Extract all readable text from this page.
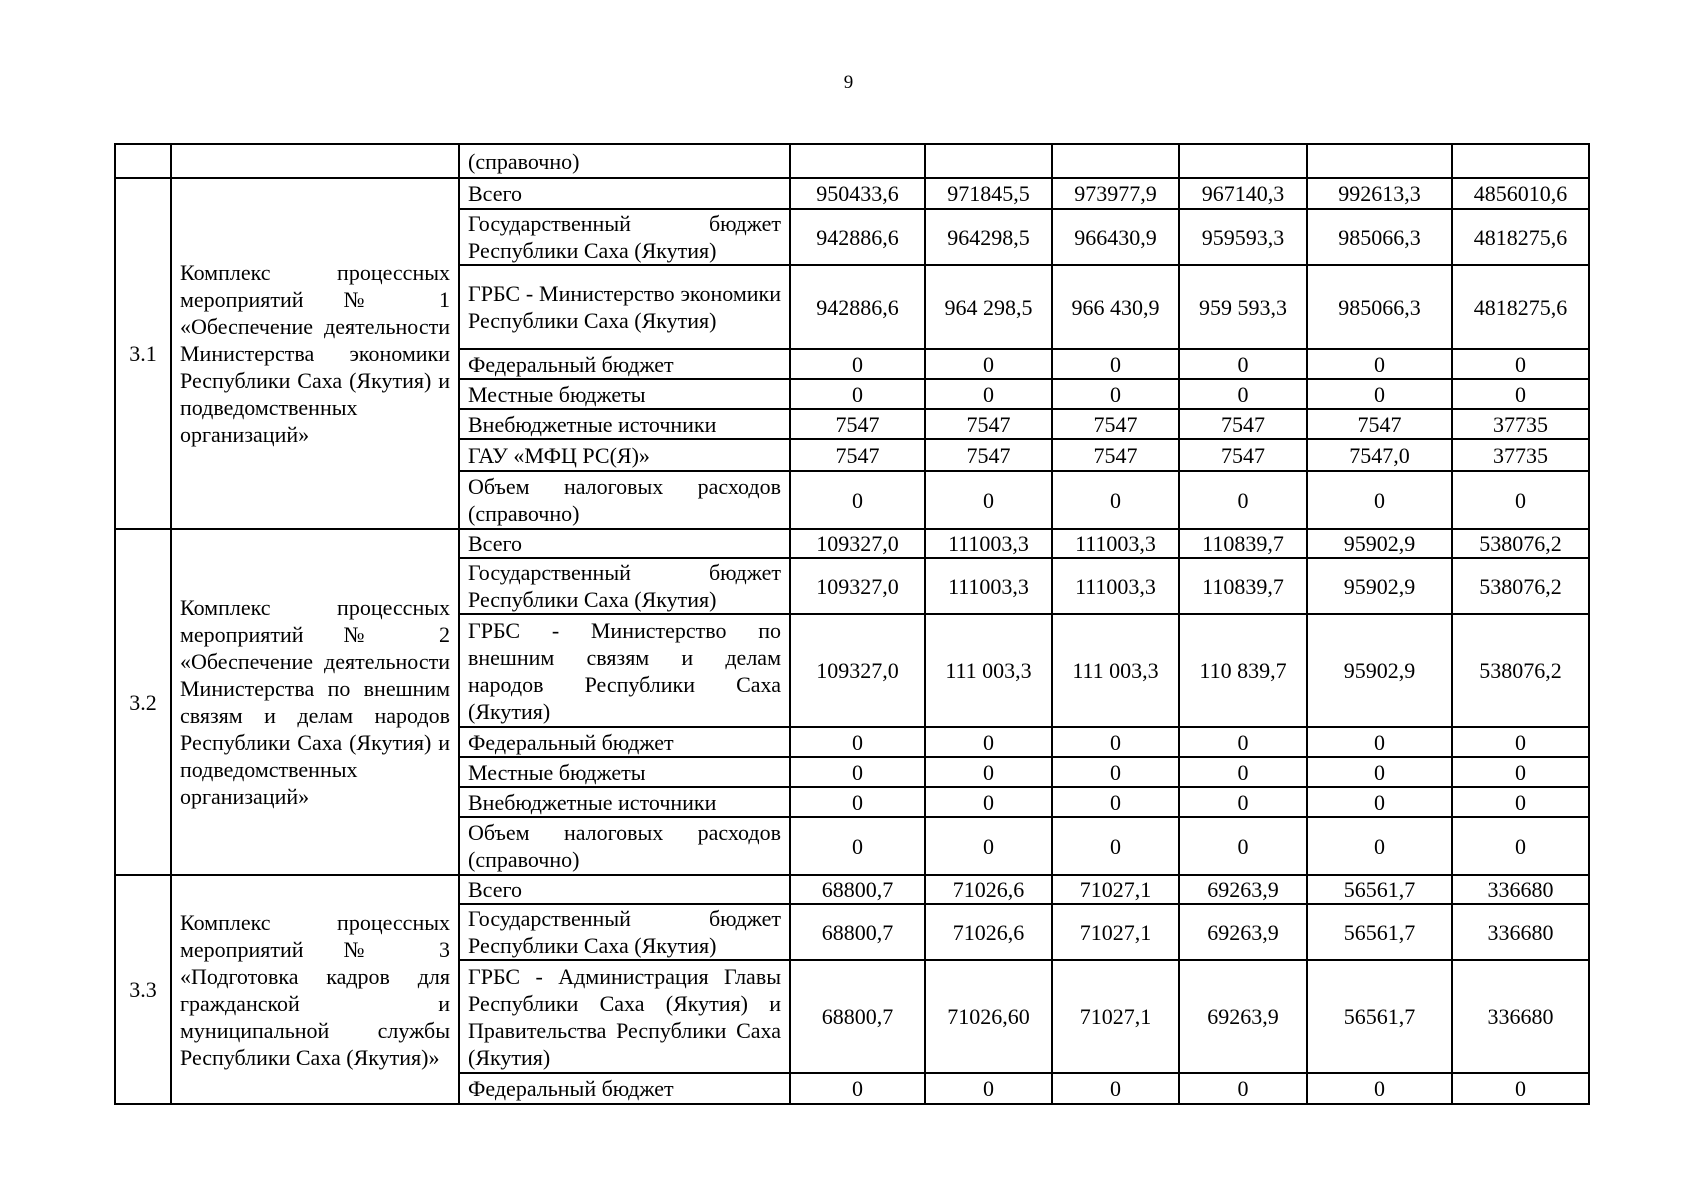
9
		(справочно)						
3.1	Комплекс процессных мероприятий № 1 «Обеспечение деятельности Министерства экономики Республики Саха (Якутия) и подведомственных организаций»	Всего	950433,6	971845,5	973977,9	967140,3	992613,3	4856010,6
		Государственный бюджет Республики Саха (Якутия)	942886,6	964298,5	966430,9	959593,3	985066,3	4818275,6
		ГРБС - Министерство экономики Республики Саха (Якутия)	942886,6	964 298,5	966 430,9	959 593,3	985066,3	4818275,6
		Федеральный бюджет	0	0	0	0	0	0
		Местные бюджеты	0	0	0	0	0	0
		Внебюджетные источники	7547	7547	7547	7547	7547	37735
		ГАУ «МФЦ РС(Я)»	7547	7547	7547	7547	7547,0	37735
		Объем налоговых расходов (справочно)	0	0	0	0	0	0
3.2	Комплекс процессных мероприятий № 2 «Обеспечение деятельности Министерства по внешним связям и делам народов Республики Саха (Якутия) и подведомственных организаций»	Всего	109327,0	111003,3	111003,3	110839,7	95902,9	538076,2
		Государственный бюджет Республики Саха (Якутия)	109327,0	111003,3	111003,3	110839,7	95902,9	538076,2
		ГРБС - Министерство по внешним связям и делам народов Республики Саха (Якутия)	109327,0	111 003,3	111 003,3	110 839,7	95902,9	538076,2
		Федеральный бюджет	0	0	0	0	0	0
		Местные бюджеты	0	0	0	0	0	0
		Внебюджетные источники	0	0	0	0	0	0
		Объем налоговых расходов (справочно)	0	0	0	0	0	0
3.3	Комплекс процессных мероприятий № 3 «Подготовка кадров для гражданской и муниципальной службы Республики Саха (Якутия)»	Всего	68800,7	71026,6	71027,1	69263,9	56561,7	336680
		Государственный бюджет Республики Саха (Якутия)	68800,7	71026,6	71027,1	69263,9	56561,7	336680
		ГРБС - Администрация Главы Республики Саха (Якутия) и Правительства Республики Саха (Якутия)	68800,7	71026,60	71027,1	69263,9	56561,7	336680
		Федеральный бюджет	0	0	0	0	0	0
